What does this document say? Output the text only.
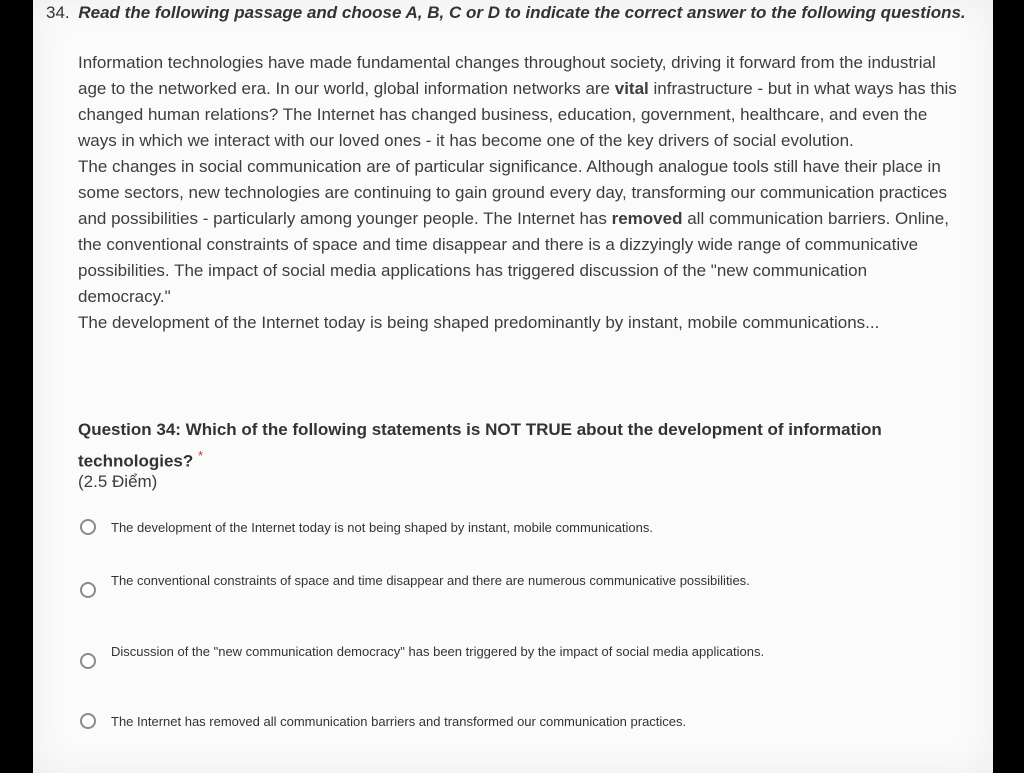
34. Read the following passage and choose A, B, C or D to indicate the correct answer to the following questions.

Information technologies have made fundamental changes throughout society, driving it forward from the industrial age to the networked era. In our world, global information networks are vital infrastructure - but in what ways has this changed human relations? The Internet has changed business, education, government, healthcare, and even the ways in which we interact with our loved ones - it has become one of the key drivers of social evolution.

The changes in social communication are of particular significance. Although analogue tools still have their place in some sectors, new technologies are continuing to gain ground every day, transforming our communication practices and possibilities - particularly among younger people. The Internet has removed all communication barriers. Online, the conventional constraints of space and time disappear and there is a dizzyingly wide range of communicative possibilities. The impact of social media applications has triggered discussion of the "new communication democracy."

The development of the Internet today is being shaped predominantly by instant, mobile communications...

Question 34: Which of the following statements is NOT TRUE about the development of information technologies? *
(2.5 Điểm)
The development of the Internet today is not being shaped by instant, mobile communications.
The conventional constraints of space and time disappear and there are numerous communicative possibilities.
Discussion of the "new communication democracy" has been triggered by the impact of social media applications.
The Internet has removed all communication barriers and transformed our communication practices.
